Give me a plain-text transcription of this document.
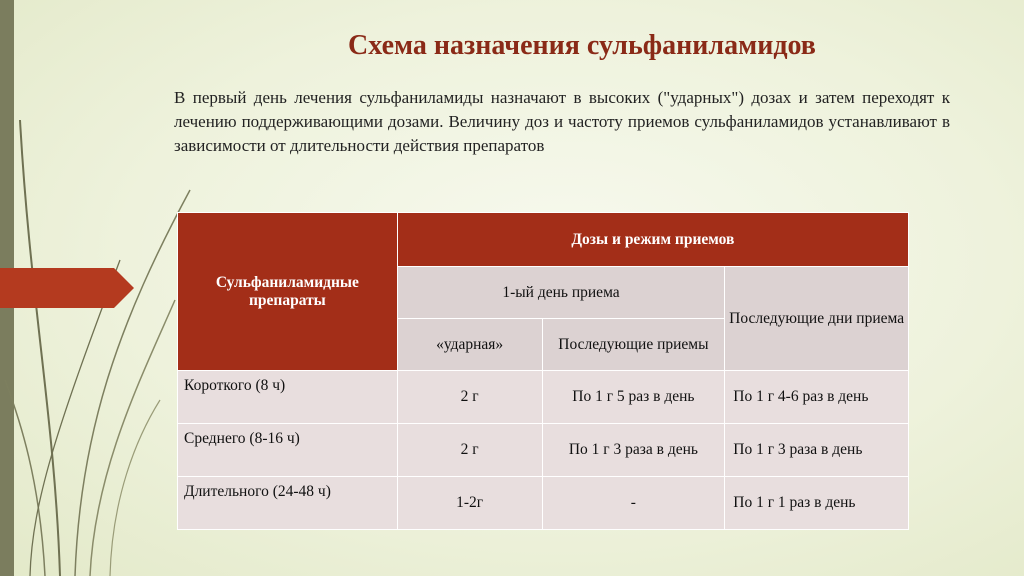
Схема назначения сульфаниламидов
В первый день лечения сульфаниламиды назначают в высоких ("ударных") дозах и затем переходят к лечению поддерживающими дозами. Величину доз и частоту приемов сульфаниламидов устанавливают в зависимости от длительности действия препаратов
Сульфаниламидные препараты	Дозы и режим приемов		
	1-ый день приема		Последующие дни приема
	«ударная»	Последующие приемы	
Короткого (8 ч)	2 г	По 1 г 5 раз в день	По 1 г 4-6 раз в день
Среднего (8-16 ч)	2 г	По 1 г 3 раза в день	По 1 г 3 раза в день
Длительного (24-48 ч)	1-2г	-	По 1 г 1 раз в день
